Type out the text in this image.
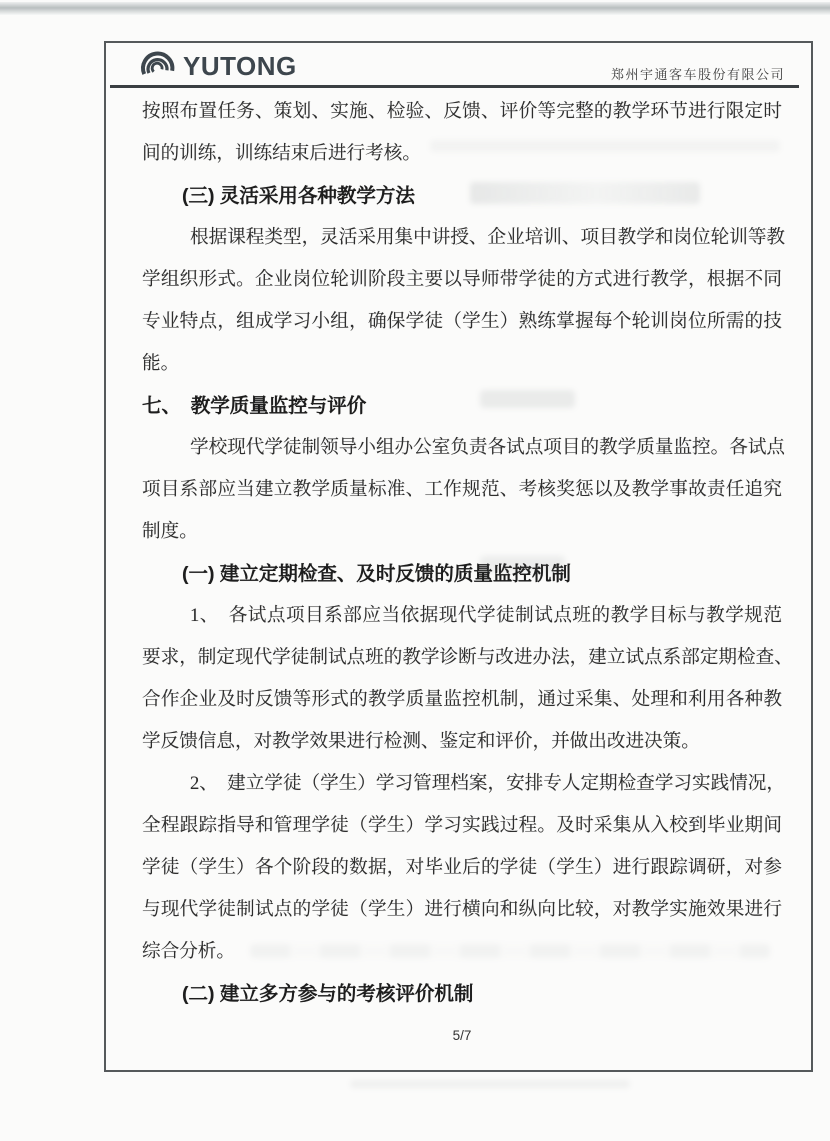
YUTONG	郑州宇通客车股份有限公司
按照布置任务、策划、实施、检验、反馈、评价等完整的教学环节进行限定时
间的训练，训练结束后进行考核。
(三) 灵活采用各种教学方法
根据课程类型，灵活采用集中讲授、企业培训、项目教学和岗位轮训等教
学组织形式。企业岗位轮训阶段主要以导师带学徒的方式进行教学，根据不同
专业特点，组成学习小组，确保学徒（学生）熟练掌握每个轮训岗位所需的技
能。
七、　教学质量监控与评价
学校现代学徒制领导小组办公室负责各试点项目的教学质量监控。各试点
项目系部应当建立教学质量标准、工作规范、考核奖惩以及教学事故责任追究
制度。
(一) 建立定期检查、及时反馈的质量监控机制
1、　各试点项目系部应当依据现代学徒制试点班的教学目标与教学规范
要求，制定现代学徒制试点班的教学诊断与改进办法，建立试点系部定期检查、
合作企业及时反馈等形式的教学质量监控机制，通过采集、处理和利用各种教
学反馈信息，对教学效果进行检测、鉴定和评价，并做出改进决策。
2、　建立学徒（学生）学习管理档案，安排专人定期检查学习实践情况，
全程跟踪指导和管理学徒（学生）学习实践过程。及时采集从入校到毕业期间
学徒（学生）各个阶段的数据，对毕业后的学徒（学生）进行跟踪调研，对参
与现代学徒制试点的学徒（学生）进行横向和纵向比较，对教学实施效果进行
综合分析。
(二) 建立多方参与的考核评价机制
5/7
